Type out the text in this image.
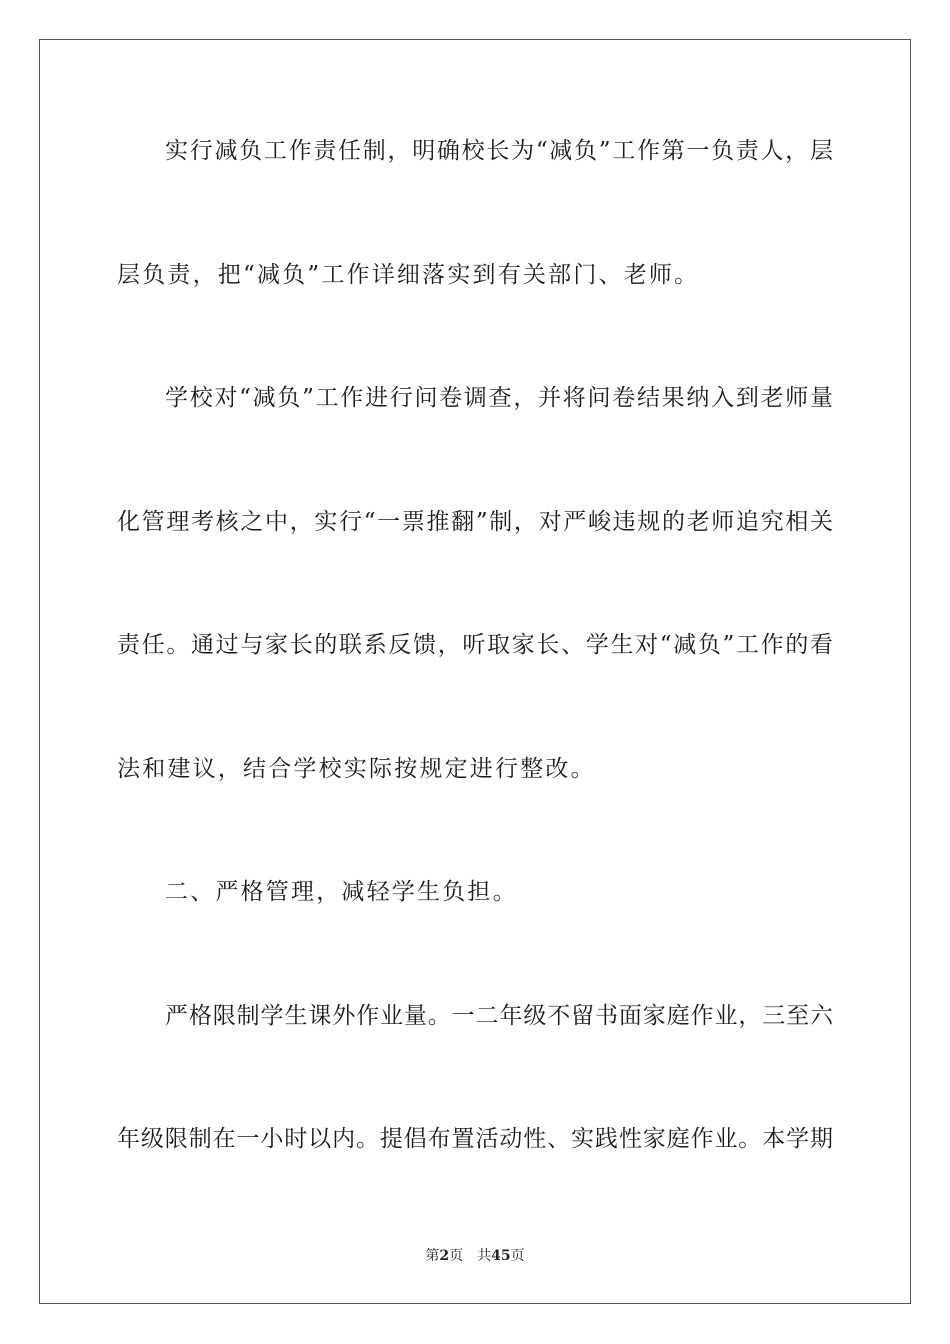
实行减负工作责任制，明确校长为“减负”工作第一负责人，层
层负责，把“减负”工作详细落实到有关部门、老师。
学校对“减负”工作进行问卷调查，并将问卷结果纳入到老师量
化管理考核之中，实行“一票推翻”制，对严峻违规的老师追究相关
责任。通过与家长的联系反馈，听取家长、学生对“减负”工作的看
法和建议，结合学校实际按规定进行整改。
二、严格管理，减轻学生负担。
严格限制学生课外作业量。一二年级不留书面家庭作业，三至六
年级限制在一小时以内。提倡布置活动性、实践性家庭作业。本学期
第2页 共45页
